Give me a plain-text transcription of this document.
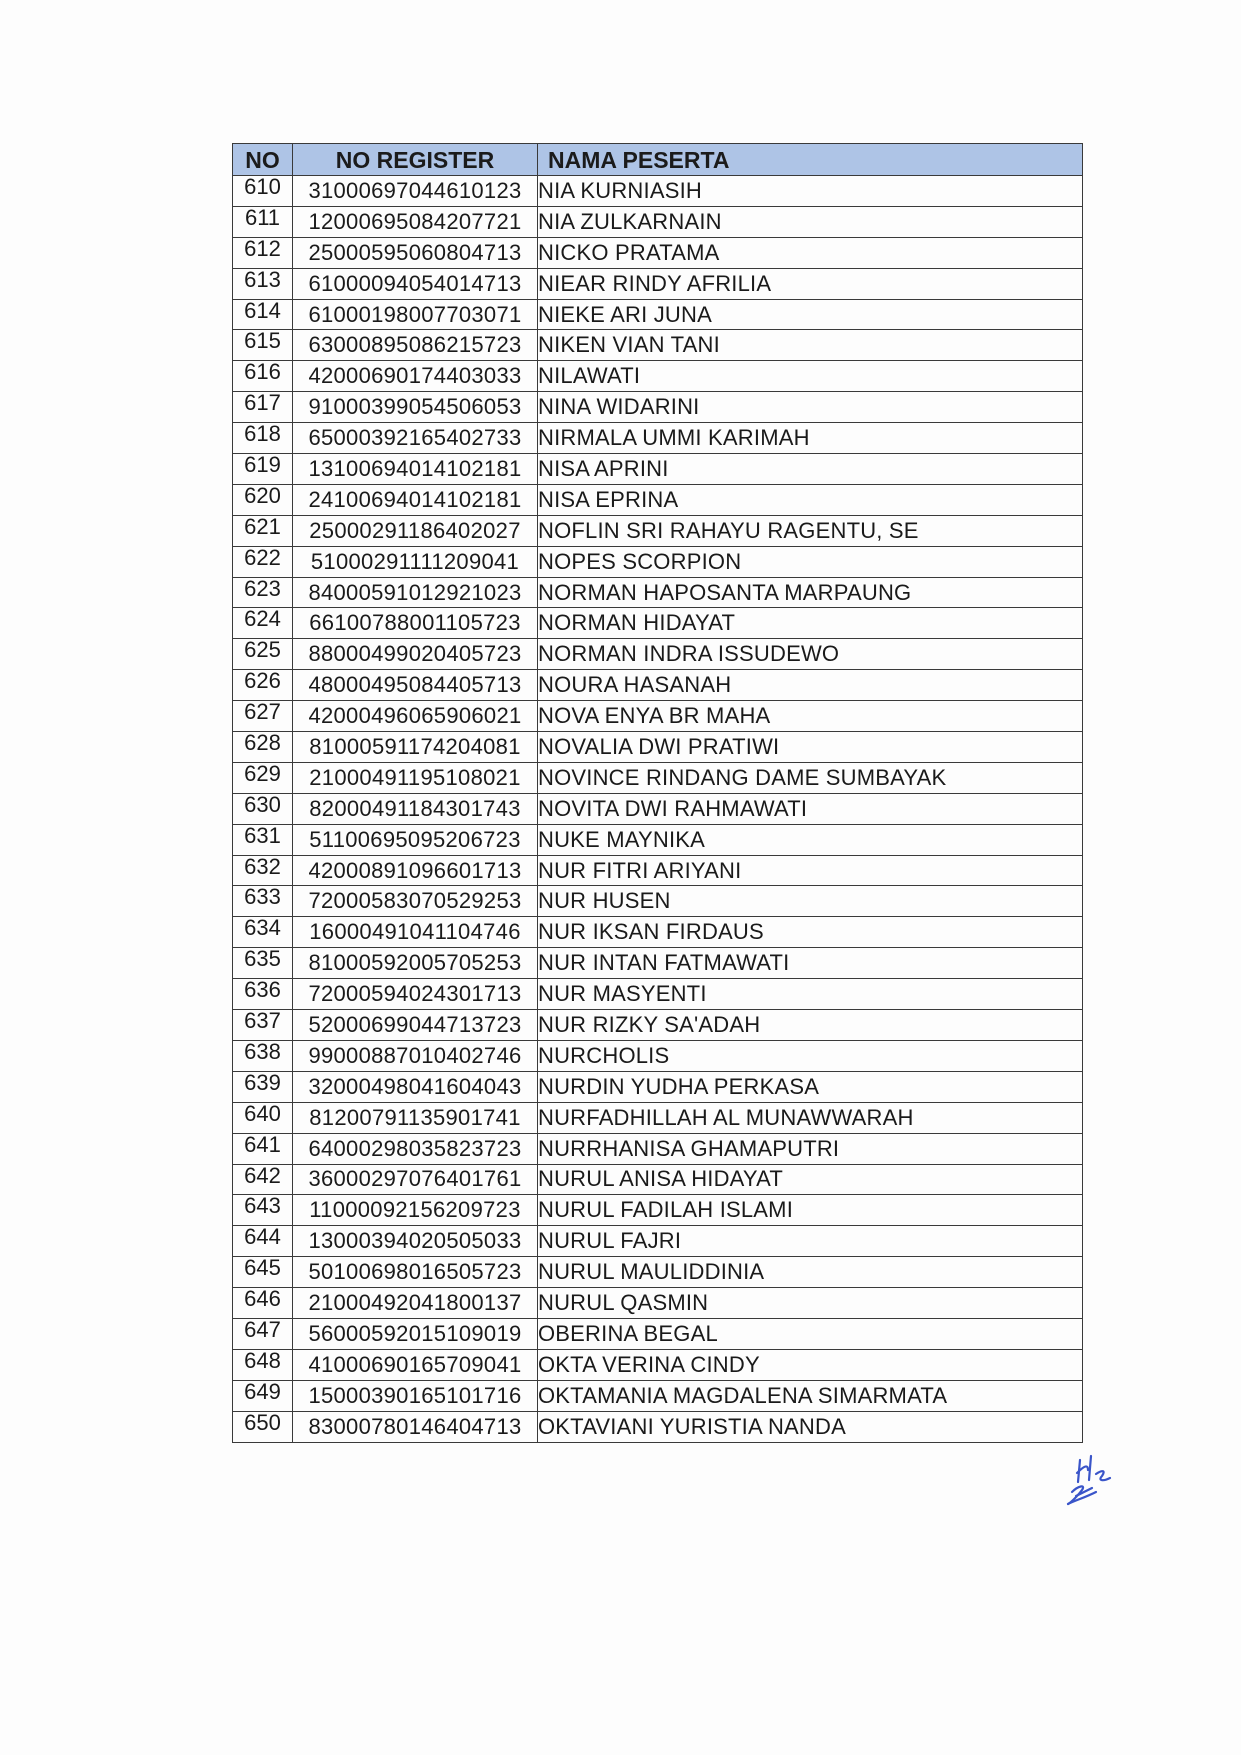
NO	NO REGISTER	NAMA PESERTA
610	31000697044610123	NIA KURNIASIH
611	12000695084207721	NIA ZULKARNAIN
612	25000595060804713	NICKO PRATAMA
613	61000094054014713	NIEAR RINDY AFRILIA
614	61000198007703071	NIEKE ARI JUNA
615	63000895086215723	NIKEN VIAN TANI
616	42000690174403033	NILAWATI
617	91000399054506053	NINA WIDARINI
618	65000392165402733	NIRMALA UMMI KARIMAH
619	13100694014102181	NISA APRINI
620	24100694014102181	NISA EPRINA
621	25000291186402027	NOFLIN SRI RAHAYU RAGENTU, SE
622	51000291111209041	NOPES SCORPION
623	84000591012921023	NORMAN HAPOSANTA MARPAUNG
624	66100788001105723	NORMAN HIDAYAT
625	88000499020405723	NORMAN INDRA ISSUDEWO
626	48000495084405713	NOURA HASANAH
627	42000496065906021	NOVA ENYA BR MAHA
628	81000591174204081	NOVALIA DWI PRATIWI
629	21000491195108021	NOVINCE RINDANG DAME SUMBAYAK
630	82000491184301743	NOVITA DWI RAHMAWATI
631	51100695095206723	NUKE MAYNIKA
632	42000891096601713	NUR FITRI ARIYANI
633	72000583070529253	NUR HUSEN
634	16000491041104746	NUR IKSAN FIRDAUS
635	81000592005705253	NUR INTAN FATMAWATI
636	72000594024301713	NUR MASYENTI
637	52000699044713723	NUR RIZKY SA'ADAH
638	99000887010402746	NURCHOLIS
639	32000498041604043	NURDIN YUDHA PERKASA
640	81200791135901741	NURFADHILLAH AL MUNAWWARAH
641	64000298035823723	NURRHANISA GHAMAPUTRI
642	36000297076401761	NURUL ANISA HIDAYAT
643	11000092156209723	NURUL FADILAH ISLAMI
644	13000394020505033	NURUL FAJRI
645	50100698016505723	NURUL MAULIDDINIA
646	21000492041800137	NURUL QASMIN
647	56000592015109019	OBERINA BEGAL
648	41000690165709041	OKTA VERINA CINDY
649	15000390165101716	OKTAMANIA MAGDALENA SIMARMATA
650	83000780146404713	OKTAVIANI YURISTIA NANDA
